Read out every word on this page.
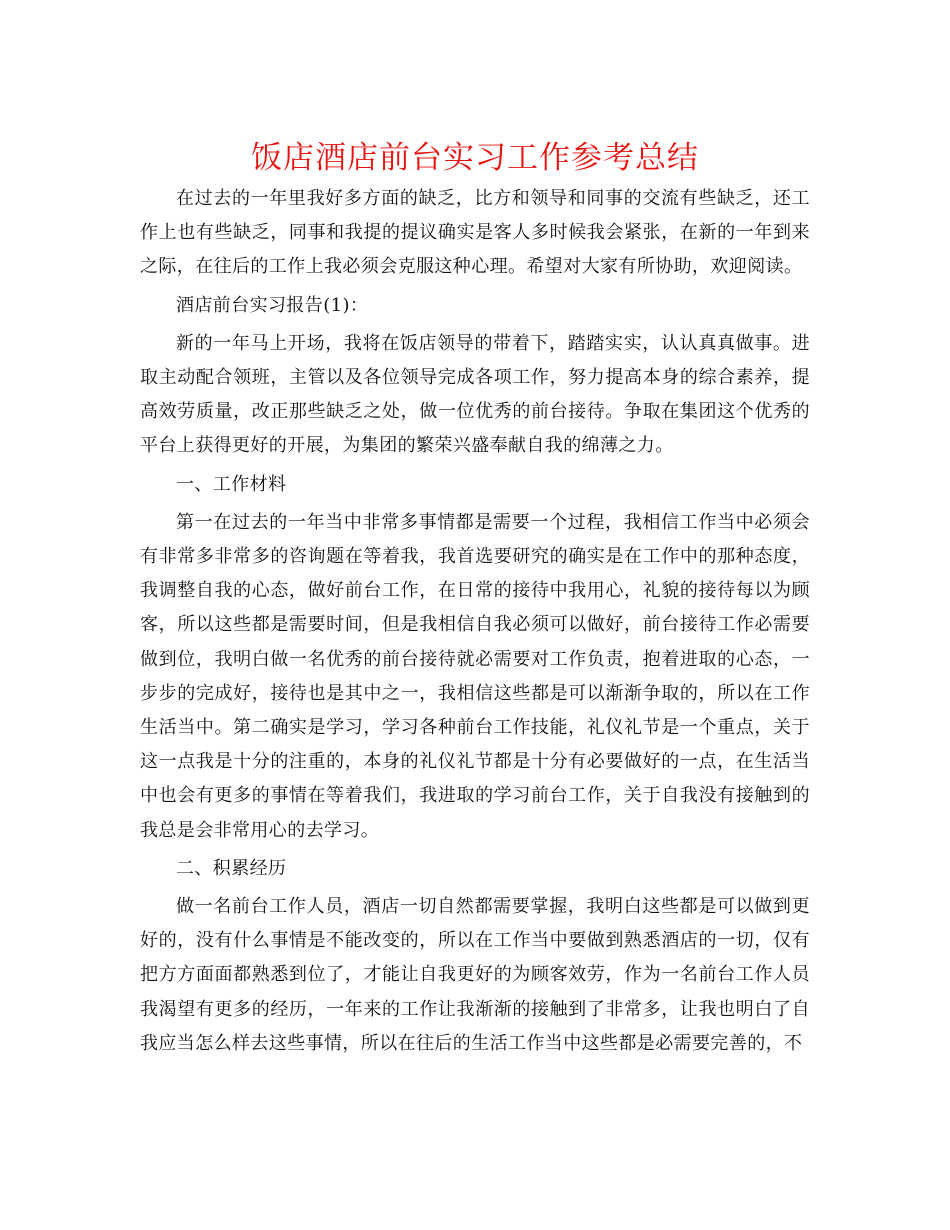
饭店酒店前台实习工作参考总结

在过去的一年里我好多方面的缺乏，比方和领导和同事的交流有些缺乏，还工作上也有些缺乏，同事和我提的提议确实是客人多时候我会紧张，在新的一年到来之际，在往后的工作上我必须会克服这种心理。希望对大家有所协助，欢迎阅读。

酒店前台实习报告(1)：

新的一年马上开场，我将在饭店领导的带着下，踏踏实实，认认真真做事。进取主动配合领班，主管以及各位领导完成各项工作，努力提高本身的综合素养，提高效劳质量，改正那些缺乏之处，做一位优秀的前台接待。争取在集团这个优秀的平台上获得更好的开展，为集团的繁荣兴盛奉献自我的绵薄之力。

一、工作材料

第一在过去的一年当中非常多事情都是需要一个过程，我相信工作当中必须会有非常多非常多的咨询题在等着我，我首选要研究的确实是在工作中的那种态度，我调整自我的心态，做好前台工作，在日常的接待中我用心，礼貌的接待每以为顾客，所以这些都是需要时间，但是我相信自我必须可以做好，前台接待工作必需要做到位，我明白做一名优秀的前台接待就必需要对工作负责，抱着进取的心态，一步步的完成好，接待也是其中之一，我相信这些都是可以渐渐争取的，所以在工作生活当中。第二确实是学习，学习各种前台工作技能，礼仪礼节是一个重点，关于这一点我是十分的注重的，本身的礼仪礼节都是十分有必要做好的一点，在生活当中也会有更多的事情在等着我们，我进取的学习前台工作，关于自我没有接触到的我总是会非常用心的去学习。

二、积累经历

做一名前台工作人员，酒店一切自然都需要掌握，我明白这些都是可以做到更好的，没有什么事情是不能改变的，所以在工作当中要做到熟悉酒店的一切，仅有把方方面面都熟悉到位了，才能让自我更好的为顾客效劳，作为一名前台工作人员我渴望有更多的经历，一年来的工作让我渐渐的接触到了非常多，让我也明白了自我应当怎么样去这些事情，所以在往后的生活工作当中这些都是必需要完善的，不
